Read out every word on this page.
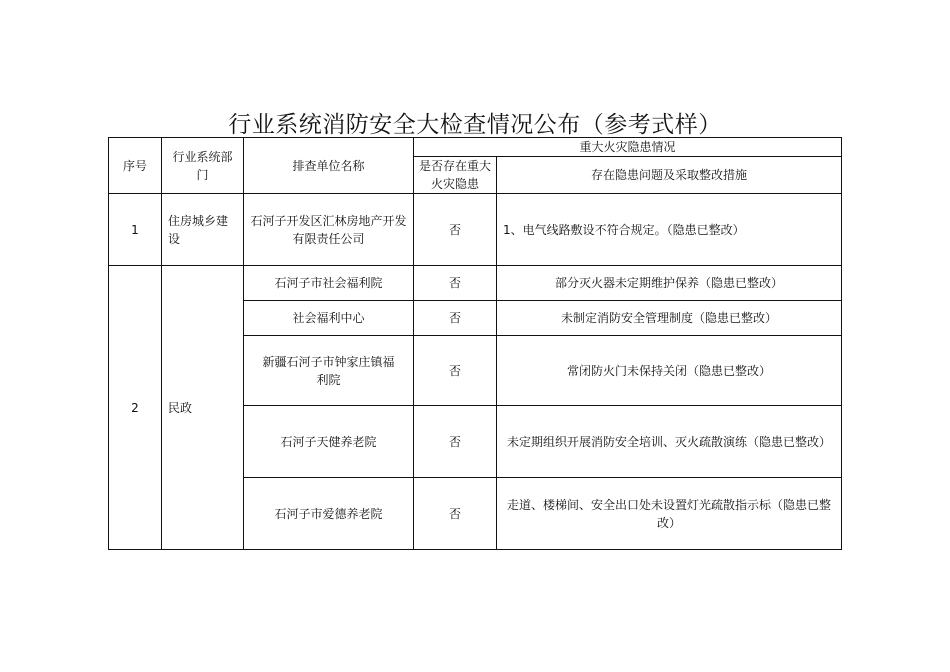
行业系统消防安全大检查情况公布（参考式样）
序号	行业系统部门	排查单位名称	重大火灾隐患情况	
			是否存在重大火灾隐患	存在隐患问题及采取整改措施
1	住房城乡建设	石河子开发区汇林房地产开发有限责任公司	否	1、电气线路敷设不符合规定。（隐患已整改）
2	民政	石河子市社会福利院	否	部分灭火器未定期维护保养（隐患已整改）
		社会福利中心	否	未制定消防安全管理制度（隐患已整改）
		新疆石河子市钟家庄镇福利院	否	常闭防火门未保持关闭（隐患已整改）
		石河子天健养老院	否	未定期组织开展消防安全培训、灭火疏散演练（隐患已整改）
		石河子市爱德养老院	否	走道、楼梯间、安全出口处未设置灯光疏散指示标（隐患已整改）
